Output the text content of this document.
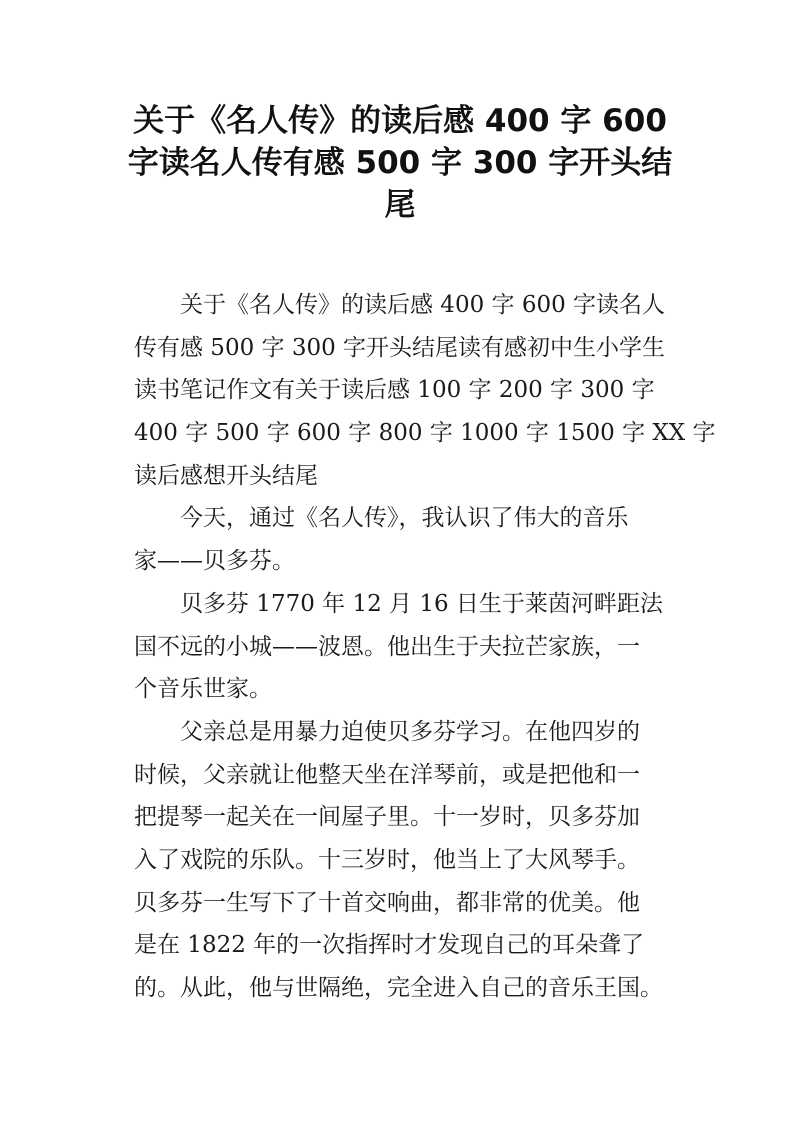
关于《名人传》的读后感 400 字 600
字读名人传有感 500 字 300 字开头结
尾
关于《名人传》的读后感 400 字 600 字读名人
传有感 500 字 300 字开头结尾读有感初中生小学生
读书笔记作文有关于读后感 100 字 200 字 300 字
400 字 500 字 600 字 800 字 1000 字 1500 字 XX 字
读后感想开头结尾
今天，通过《名人传》，我认识了伟大的音乐
家——贝多芬。
贝多芬 1770 年 12 月 16 日生于莱茵河畔距法
国不远的小城——波恩。他出生于夫拉芒家族，一
个音乐世家。
父亲总是用暴力迫使贝多芬学习。在他四岁的
时候，父亲就让他整天坐在洋琴前，或是把他和一
把提琴一起关在一间屋子里。十一岁时，贝多芬加
入了戏院的乐队。十三岁时，他当上了大风琴手。
贝多芬一生写下了十首交响曲，都非常的优美。他
是在 1822 年的一次指挥时才发现自己的耳朵聋了
的。从此，他与世隔绝，完全进入自己的音乐王国。
